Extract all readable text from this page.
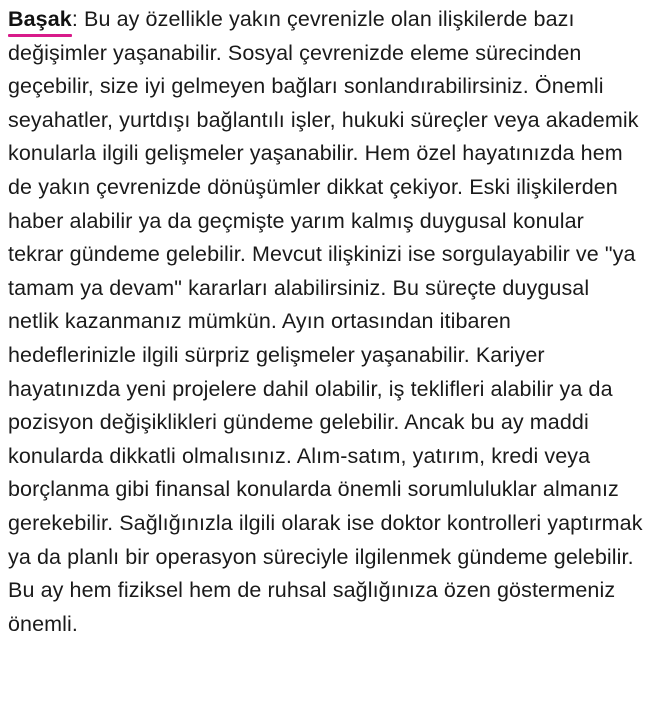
Başak
: Bu ay özellikle yakın çevrenizle olan ilişkilerde bazı değişimler yaşanabilir. Sosyal çevrenizde eleme sürecinden geçebilir, size iyi gelmeyen bağları sonlandırabilirsiniz. Önemli seyahatler, yurtdışı bağlantılı işler, hukuki süreçler veya akademik konularla ilgili gelişmeler yaşanabilir. Hem özel hayatınızda hem de yakın çevrenizde dönüşümler dikkat çekiyor. Eski ilişkilerden haber alabilir ya da geçmişte yarım kalmış duygusal konular tekrar gündeme gelebilir. Mevcut ilişkinizi ise sorgulayabilir ve "ya tamam ya devam" kararları alabilirsiniz. Bu süreçte duygusal netlik kazanmanız mümkün. Ayın ortasından itibaren hedeflerinizle ilgili sürpriz gelişmeler yaşanabilir. Kariyer hayatınızda yeni projelere dahil olabilir, iş teklifleri alabilir ya da pozisyon değişiklikleri gündeme gelebilir. Ancak bu ay maddi konularda dikkatli olmalısınız. Alım-satım, yatırım, kredi veya borçlanma gibi finansal konularda önemli sorumluluklar almanız gerekebilir. Sağlığınızla ilgili olarak ise doktor kontrolleri yaptırmak ya da planlı bir operasyon süreciyle ilgilenmek gündeme gelebilir. Bu ay hem fiziksel hem de ruhsal sağlığınıza özen göstermeniz önemli.
